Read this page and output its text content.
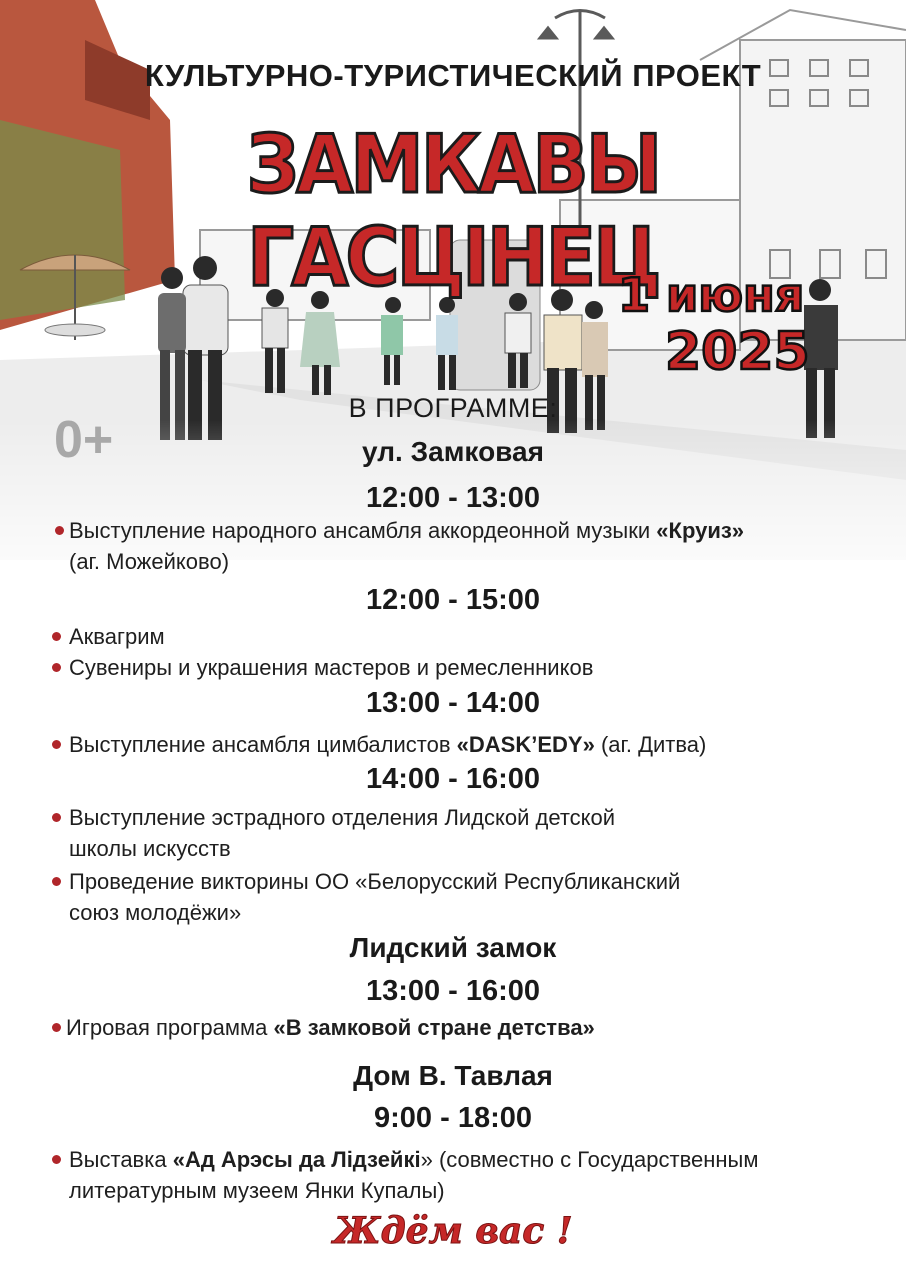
КУЛЬТУРНО-ТУРИСТИЧЕСКИЙ ПРОЕКТ
ЗАМКАВЫ ГАСЦІНЕЦ
1 июня
2025
0+
В ПРОГРАММЕ:
ул. Замковая
12:00 - 13:00
Выступление народного ансамбля аккордеонной музыки «Круиз»
(аг. Можейково)
12:00 - 15:00
Аквагрим
Сувениры и украшения мастеров и ремесленников
13:00 - 14:00
Выступление ансамбля цимбалистов «DASK’EDY» (аг. Дитва)
14:00 - 16:00
Выступление эстрадного отделения Лидской детской
школы искусств
Проведение викторины ОО «Белорусский Республиканский
союз молодёжи»
Лидский замок
13:00 - 16:00
Игровая программа «В замковой стране детства»
Дом В. Тавлая
9:00 - 18:00
Выставка «Ад Арэсы да Лідзейкі» (совместно с Государственным
литературным музеем Янки Купалы)
Ждём вас !
